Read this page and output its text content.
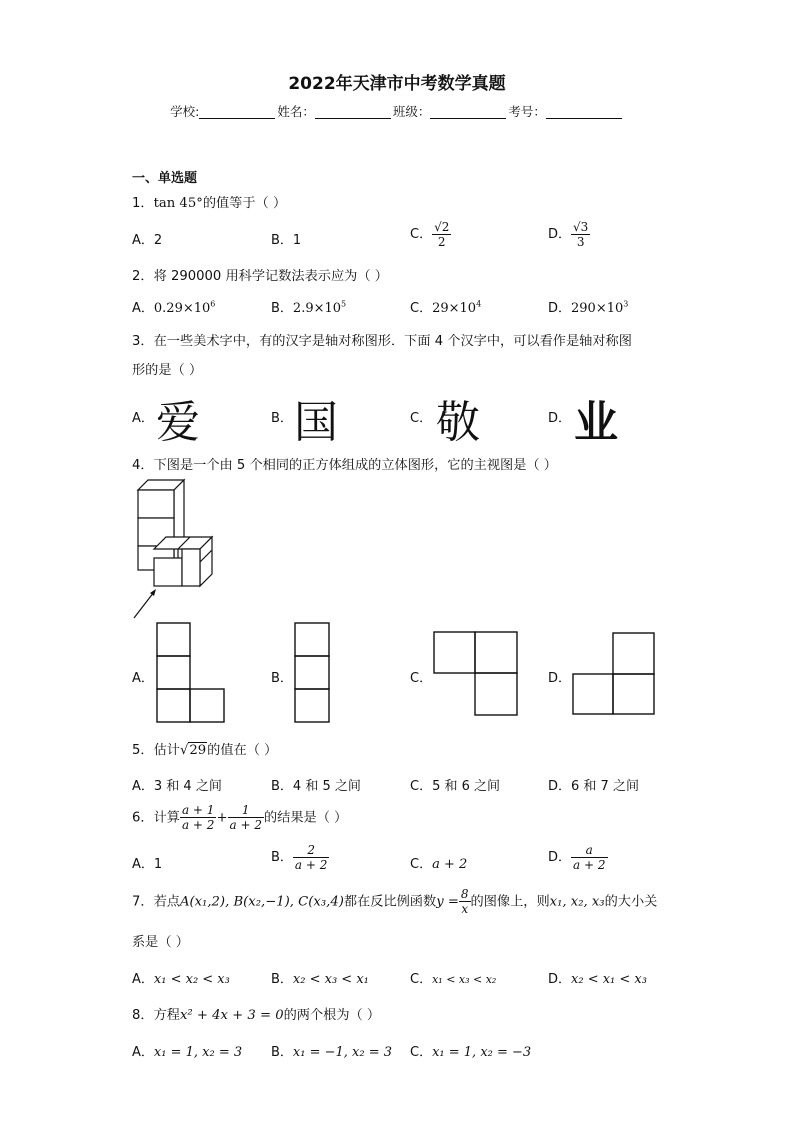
2022年天津市中考数学真题
学校:	姓名：	班级：	考号：
一、单选题
1．tan 45°的值等于（ ）
A．2	B．1	C． $\frac{√2}{2}$	D． $\frac{√3}{3}$
2．将 290000 用科学记数法表示应为（ ）
A．$0.29\times 10^6$	B．$2.9\times 10^5$	C．$29\times 10^4$	D．$290\times 10^3$
3．在一些美术字中，有的汉字是轴对称图形．下面 4 个汉字中，可以看作是轴对称图
形的是（ ）
A． 爱	B． 国	C． 敬	D． 业
4．下图是一个由 5 个相同的正方体组成的立体图形，它的主视图是（ ）
A．	B．	C．	D．
5．估计√29的值在（ ）
A．3 和 4 之间	B．4 和 5 之间	C．5 和 6 之间	D．6 和 7 之间
6．计算 $\frac{a + 1}{a + 2} + \frac{1}{a + 2}$ 的结果是（ ）
A．1	B． $\frac{2}{a + 2}$	C．a + 2	D． $\frac{a}{a + 2}$
7．若点A(x₁,2), B(x₂,−1), C(x₃,4)都在反比例函数$y = \frac{8}{x}$ 的图像上，则x₁, x₂, x₃的大小关
系是（ ）
A．x₁ < x₂ < x₃	B．x₂ < x₃ < x₁	C．x₁ < x₃ < x₂	D．x₂ < x₁ < x₃
8．方程x² + 4x + 3 = 0的两个根为（ ）
A．x₁ = 1, x₂ = 3 B．x₁ = −1, x₂ = 3 C．x₁ = 1, x₂ = −3
